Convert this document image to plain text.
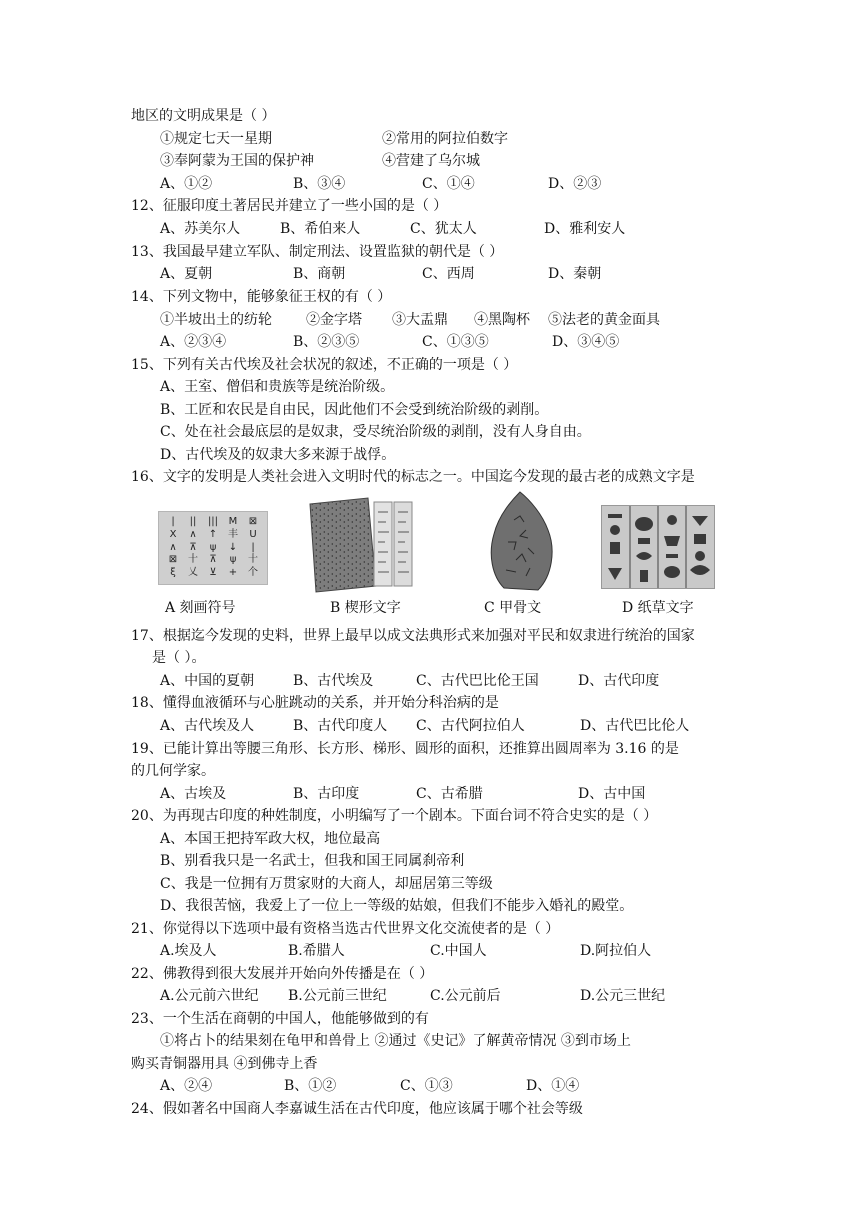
地区的文明成果是（ ）
①规定七天一星期	②常用的阿拉伯数字
③奉阿蒙为王国的保护神	④营建了乌尔城
A、①②	B、③④	C、①④	D、②③
12、征服印度土著居民并建立了一些小国的是（ ）
A、苏美尔人	B、希伯来人	C、犹太人	D、雅利安人
13、我国最早建立军队、制定刑法、设置监狱的朝代是（ ）
A、夏朝	B、商朝	C、西周	D、秦朝
14、下列文物中，能够象征王权的有（ ）
①半坡出土的纺轮 ②金字塔 ③大盂鼎 ④黑陶杯 ⑤法老的黄金面具
A、②③④	B、②③⑤	C、①③⑤	D、③④⑤
15、下列有关古代埃及社会状况的叙述，不正确的一项是（ ）
A、王室、僧侣和贵族等是统治阶级。
B、工匠和农民是自由民，因此他们不会受到统治阶级的剥削。
C、处在社会最底层的是奴隶，受尽统治阶级的剥削，没有人身自由。
D、古代埃及的奴隶大多来源于战俘。
16、文字的发明是人类社会进入文明时代的标志之一。中国迄今发现的最古老的成熟文字是
|	||	|||	M	⊠
X	∧	↑	丰	U
∧	⊼	ψ	↓	|
⊠	十	⊼	ψ	十
ξ	乂	⊻	+	个
A 刻画符号	B 楔形文字	C 甲骨文	D 纸草文字
17、根据迄今发现的史料，世界上最早以成文法典形式来加强对平民和奴隶进行统治的国家
是（ ）。
A、中国的夏朝	B、古代埃及	C、古代巴比伦王国	D、古代印度
18、懂得血液循环与心脏跳动的关系，并开始分科治病的是
A、古代埃及人	B、古代印度人 C、古代阿拉伯人	D、古代巴比伦人
19、已能计算出等腰三角形、长方形、梯形、圆形的面积，还推算出圆周率为 3.16 的是
的几何学家。
A、古埃及	B、古印度	C、古希腊	D、古中国
20、为再现古印度的种姓制度，小明编写了一个剧本。下面台词不符合史实的是（ ）
A、本国王把持军政大权，地位最高
B、别看我只是一名武士，但我和国王同属刹帝利
C、我是一位拥有万贯家财的大商人，却屈居第三等级
D、我很苦恼，我爱上了一位上一等级的姑娘，但我们不能步入婚礼的殿堂。
21、你觉得以下选项中最有资格当选古代世界文化交流使者的是（ ）
A.埃及人	B.希腊人	C.中国人	D.阿拉伯人
22、佛教得到很大发展并开始向外传播是在（ ）
A.公元前六世纪 B.公元前三世纪	C.公元前后	D.公元三世纪
23、一个生活在商朝的中国人，他能够做到的有
①将占卜的结果刻在龟甲和兽骨上 ②通过《史记》了解黄帝情况 ③到市场上
购买青铜器用具 ④到佛寺上香
A、②④	B、①②	C、①③	D、①④
24、假如著名中国商人李嘉诚生活在古代印度，他应该属于哪个社会等级
